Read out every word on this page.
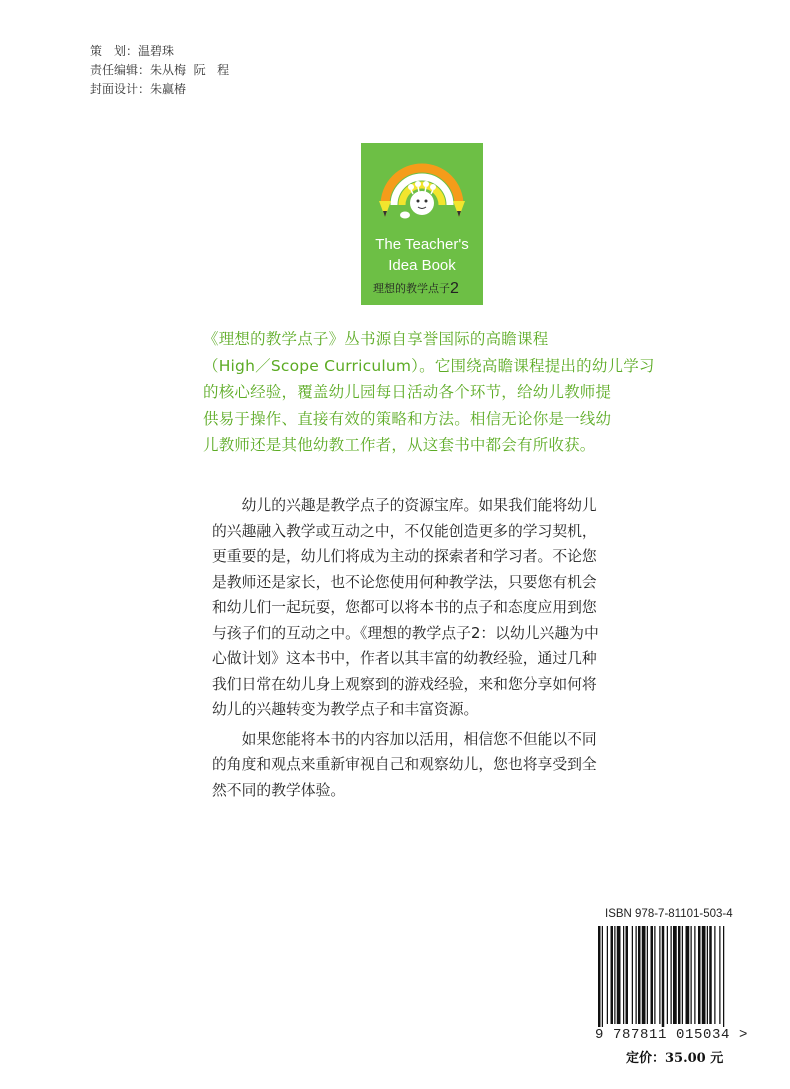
策　划： 温碧珠
责任编辑： 朱从梅  阮   程
封面设计： 朱赢椿
The Teacher's
Idea Book
理想的教学点子2
《理想的教学点子》丛书源自享誉国际的高瞻课程
（High／Scope Curriculum）。它围绕高瞻课程提出的幼儿学习
的核心经验，覆盖幼儿园每日活动各个环节，给幼儿教师提
供易于操作、直接有效的策略和方法。相信无论你是一线幼
儿教师还是其他幼教工作者，从这套书中都会有所收获。
　　幼儿的兴趣是教学点子的资源宝库。如果我们能将幼儿
的兴趣融入教学或互动之中，不仅能创造更多的学习契机，
更重要的是，幼儿们将成为主动的探索者和学习者。不论您
是教师还是家长，也不论您使用何种教学法，只要您有机会
和幼儿们一起玩耍，您都可以将本书的点子和态度应用到您
与孩子们的互动之中。《理想的教学点子2：以幼儿兴趣为中
心做计划》这本书中，作者以其丰富的幼教经验，通过几种
我们日常在幼儿身上观察到的游戏经验，来和您分享如何将
幼儿的兴趣转变为教学点子和丰富资源。
　　如果您能将本书的内容加以活用，相信您不但能以不同
的角度和观点来重新审视自己和观察幼儿，您也将享受到全
然不同的教学体验。
ISBN 978-7-81101-503-4
9 787811 015034 >
定价：35.00 元
